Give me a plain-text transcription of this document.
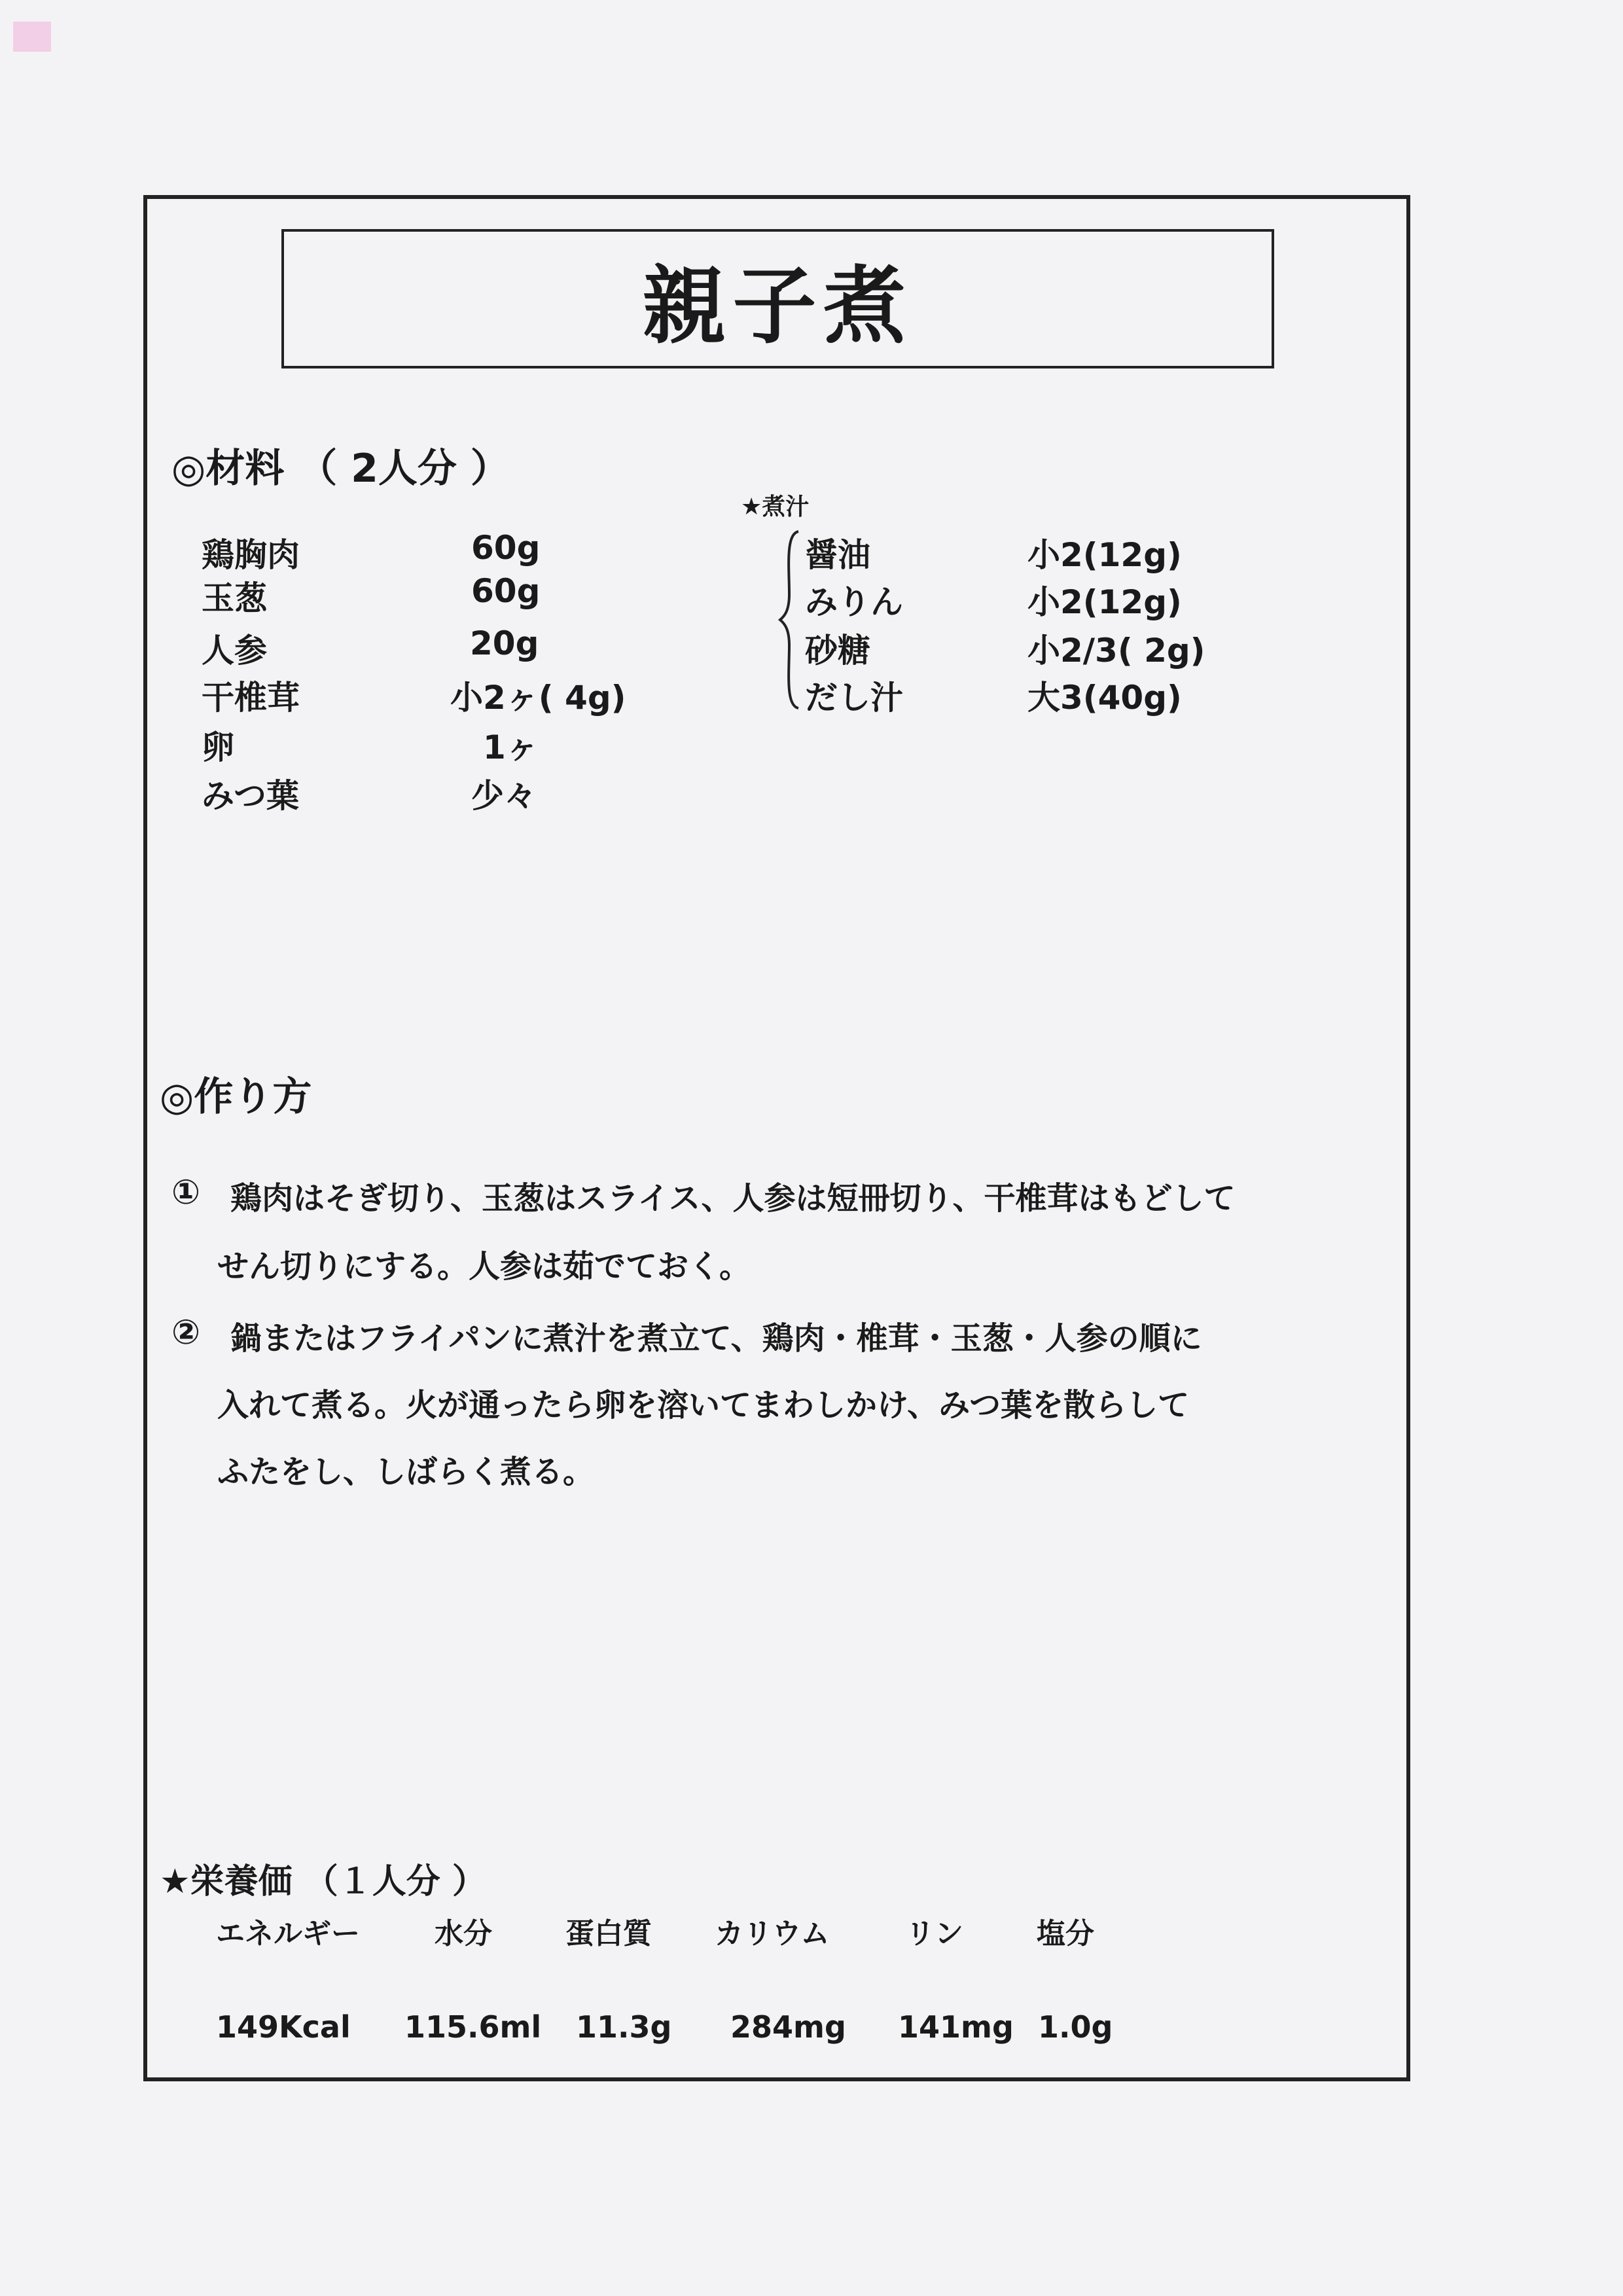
親子煮
◎材料 （ 2人分 ）
鶏胸肉	60g
玉葱	60g
人参	20g
干椎茸	小2ヶ( 4g)
卵	1ヶ
みつ葉	少々
★煮汁
醤油	小2(12g)
みりん	小2(12g)
砂糖	小2/3( 2g)
だし汁	大3(40g)
◎作り方
① 鶏肉はそぎ切り、玉葱はスライス、人参は短冊切り、干椎茸はもどして
せん切りにする。人参は茹でておく。
② 鍋またはフライパンに煮汁を煮立て、鶏肉・椎茸・玉葱・人参の順に
入れて煮る。火が通ったら卵を溶いてまわしかけ、みつ葉を散らして
ふたをし、しばらく煮る。
★栄養価 （１人分 ）
エネルギー	水分	蛋白質 カリウム	リン	塩分
149Kcal 115.6ml 11.3g 284mg 141mg 1.0g
